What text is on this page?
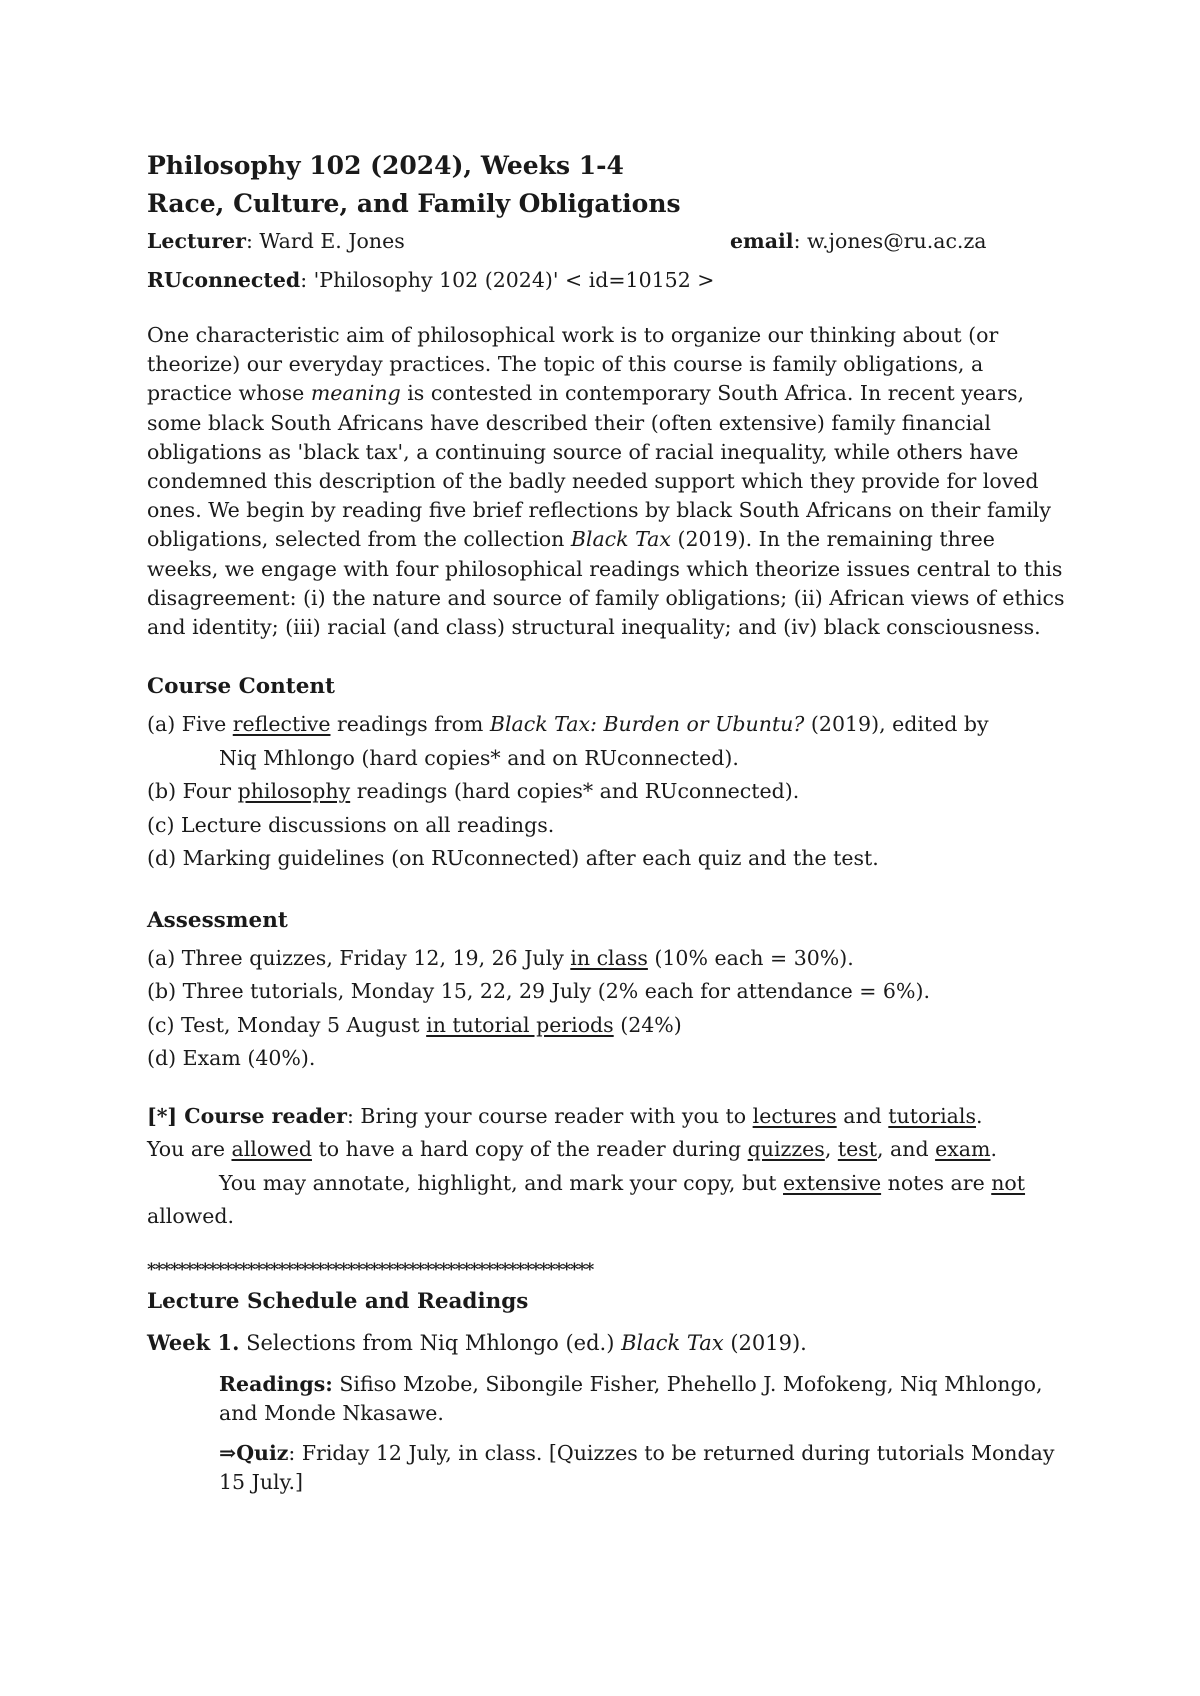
Philosophy 102 (2024), Weeks 1-4
Race, Culture, and Family Obligations
Lecturer: Ward E. Jones	email: w.jones@ru.ac.za
RUconnected: 'Philosophy 102 (2024)' < id=10152 >

One characteristic aim of philosophical work is to organize our thinking about (or theorize) our everyday practices. The topic of this course is family obligations, a practice whose meaning is contested in contemporary South Africa. In recent years, some black South Africans have described their (often extensive) family financial obligations as 'black tax', a continuing source of racial inequality, while others have condemned this description of the badly needed support which they provide for loved ones. We begin by reading five brief reflections by black South Africans on their family obligations, selected from the collection Black Tax (2019). In the remaining three weeks, we engage with four philosophical readings which theorize issues central to this disagreement: (i) the nature and source of family obligations; (ii) African views of ethics and identity; (iii) racial (and class) structural inequality; and (iv) black consciousness.

Course Content
(a) Five reflective readings from Black Tax: Burden or Ubuntu? (2019), edited by
Niq Mhlongo (hard copies* and on RUconnected).
(b) Four philosophy readings (hard copies* and RUconnected).
(c) Lecture discussions on all readings.
(d) Marking guidelines (on RUconnected) after each quiz and the test.
Assessment
(a) Three quizzes, Friday 12, 19, 26 July in class (10% each = 30%).
(b) Three tutorials, Monday 15, 22, 29 July (2% each for attendance = 6%).
(c) Test, Monday 5 August in tutorial periods (24%)
(d) Exam (40%).
[*] Course reader: Bring your course reader with you to lectures and tutorials.
You are allowed to have a hard copy of the reader during quizzes, test, and exam.
You may annotate, highlight, and mark your copy, but extensive notes are not allowed.
**********************************************************
Lecture Schedule and Readings
Week 1. Selections from Niq Mhlongo (ed.) Black Tax (2019).
Readings: Sifiso Mzobe, Sibongile Fisher, Phehello J. Mofokeng, Niq Mhlongo, and Monde Nkasawe.
⇒Quiz: Friday 12 July, in class. [Quizzes to be returned during tutorials Monday 15 July.]
